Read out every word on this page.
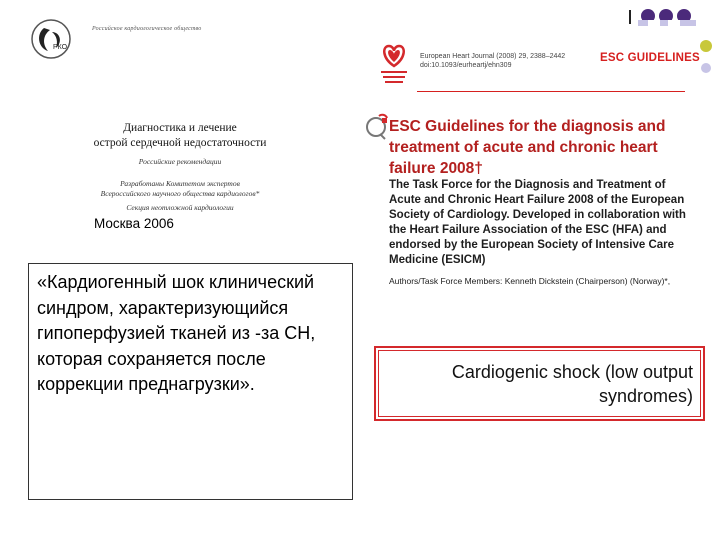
РКО
Российское кардиологическое общество
Диагностика и лечение
острой сердечной недостаточности
Российские рекомендации
Разработаны Комитетом экспертов
Всероссийского научного общества кардиологов*
Секция неотложной кардиологии
Москва 2006

«Кардиогенный шок клинический синдром, характеризующийся гипоперфузией тканей из -за СН, которая сохраняется после коррекции преднагрузки».

European Heart Journal (2008) 29, 2388–2442
doi:10.1093/eurheartj/ehn309
ESC GUIDELINES
ESC Guidelines for the diagnosis and treatment of acute and chronic heart failure 2008†
The Task Force for the Diagnosis and Treatment of Acute and Chronic Heart Failure 2008 of the European Society of Cardiology. Developed in collaboration with the Heart Failure Association of the ESC (HFA) and endorsed by the European Society of Intensive Care Medicine (ESICM)
Authors/Task Force Members: Kenneth Dickstein (Chairperson) (Norway)*,
Cardiogenic shock (low output syndromes)
